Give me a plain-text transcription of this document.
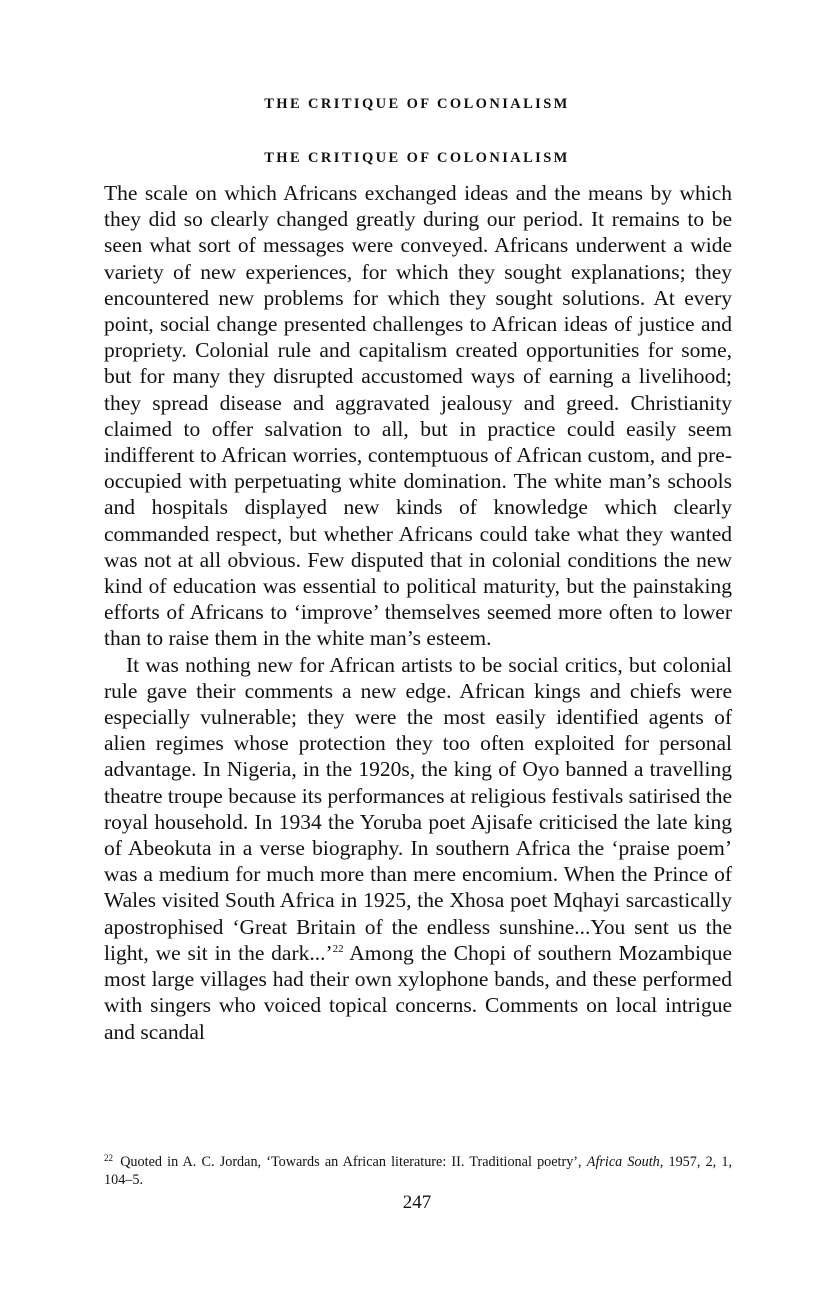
THE CRITIQUE OF COLONIALISM
THE CRITIQUE OF COLONIALISM

The scale on which Africans exchanged ideas and the means by which they did so clearly changed greatly during our period. It remains to be seen what sort of messages were conveyed. Africans underwent a wide variety of new experiences, for which they sought explanations; they encountered new problems for which they sought solutions. At every point, social change presented challenges to African ideas of justice and propriety. Colonial rule and capitalism created opportunities for some, but for many they disrupted accustomed ways of earning a livelihood; they spread disease and aggravated jealousy and greed. Christianity claimed to offer salvation to all, but in practice could easily seem indifferent to African worries, contemptuous of African custom, and pre-occupied with perpetuating white domination. The white man’s schools and hospitals displayed new kinds of knowledge which clearly commanded respect, but whether Africans could take what they wanted was not at all obvious. Few disputed that in colonial conditions the new kind of education was essential to political maturity, but the painstaking efforts of Africans to ‘improve’ themselves seemed more often to lower than to raise them in the white man’s esteem.

It was nothing new for African artists to be social critics, but colonial rule gave their comments a new edge. African kings and chiefs were especially vulnerable; they were the most easily identified agents of alien regimes whose protection they too often exploited for personal advantage. In Nigeria, in the 1920s, the king of Oyo banned a travelling theatre troupe because its performances at religious festivals satirised the royal household. In 1934 the Yoruba poet Ajisafe criticised the late king of Abeokuta in a verse biography. In southern Africa the ‘praise poem’ was a medium for much more than mere encomium. When the Prince of Wales visited South Africa in 1925, the Xhosa poet Mqhayi sarcastically apostrophised ‘Great Britain of the endless sunshine...You sent us the light, we sit in the dark...’$^{22}$ Among the Chopi of southern Mozambique most large villages had their own xylophone bands, and these performed with singers who voiced topical concerns. Comments on local intrigue and scandal

$^{22}$ Quoted in A. C. Jordan, ‘Towards an African literature: II. Traditional poetry’, Africa South, 1957, 2, 1, 104–5.
247
